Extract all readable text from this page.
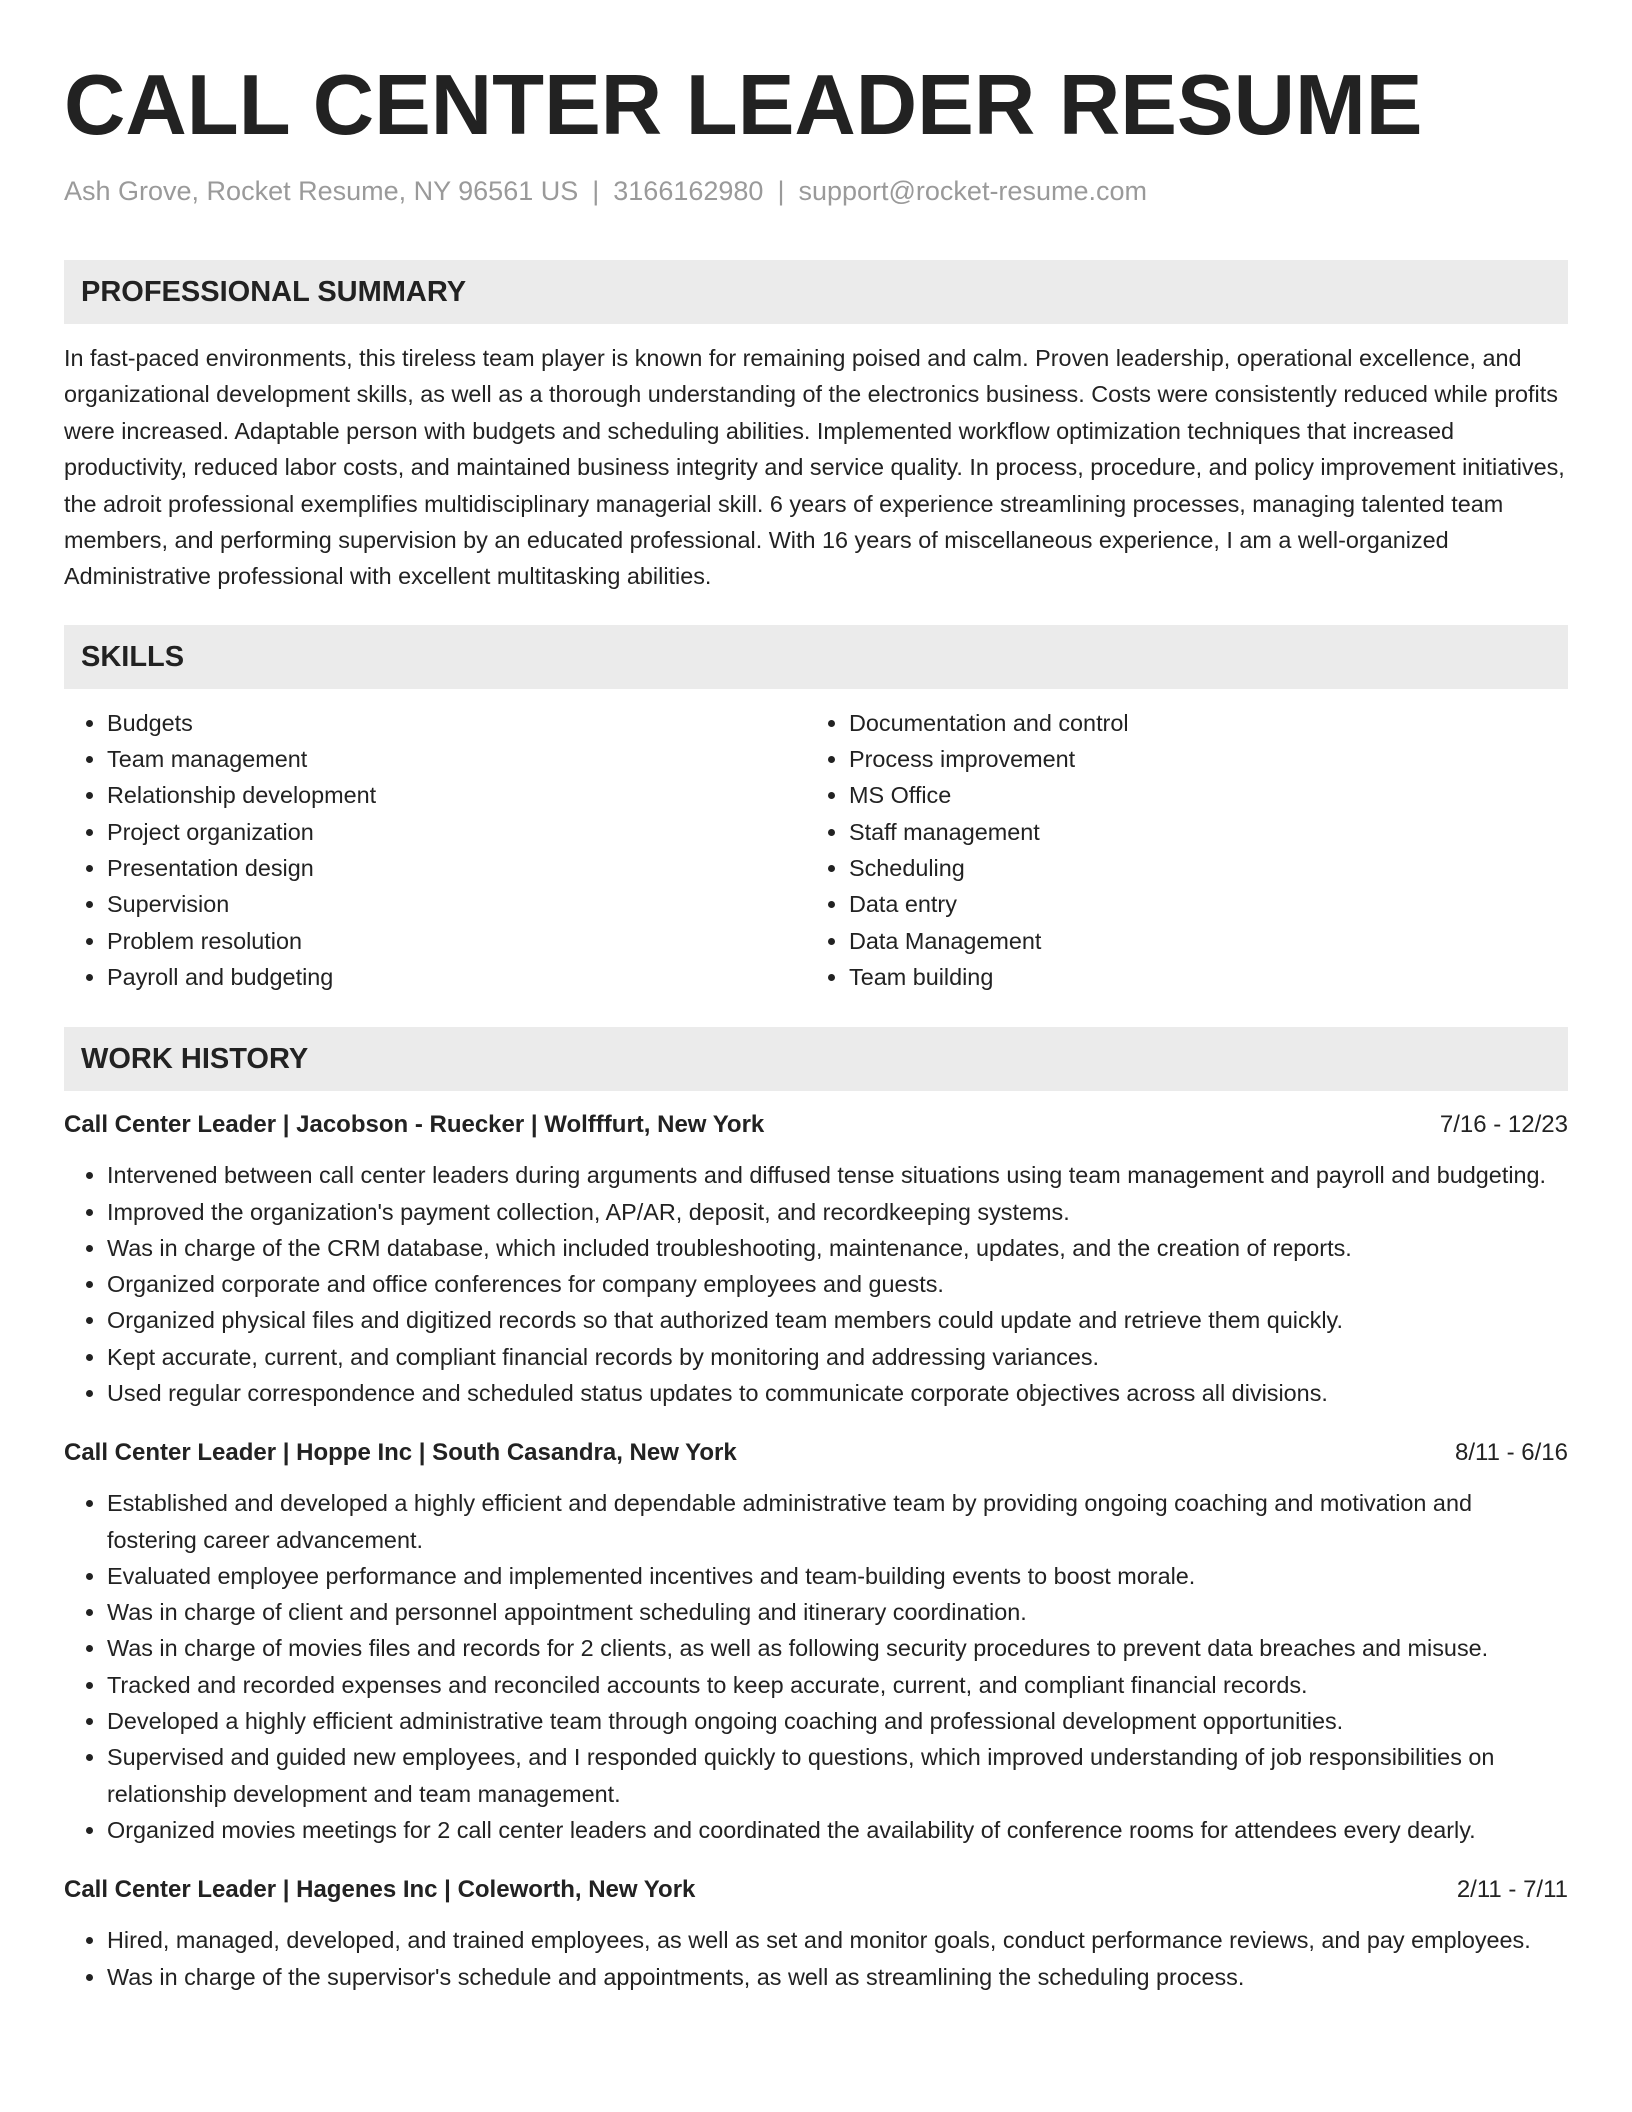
CALL CENTER LEADER RESUME
Ash Grove, Rocket Resume, NY 96561 US | 3166162980 | support@rocket-resume.com
PROFESSIONAL SUMMARY

In fast-paced environments, this tireless team player is known for remaining poised and calm. Proven leadership, operational excellence, and organizational development skills, as well as a thorough understanding of the electronics business. Costs were consistently reduced while profits were increased. Adaptable person with budgets and scheduling abilities. Implemented workflow optimization techniques that increased productivity, reduced labor costs, and maintained business integrity and service quality. In process, procedure, and policy improvement initiatives, the adroit professional exemplifies multidisciplinary managerial skill. 6 years of experience streamlining processes, managing talented team members, and performing supervision by an educated professional. With 16 years of miscellaneous experience, I am a well-organized Administrative professional with excellent multitasking abilities.

SKILLS
• Budgets
• Team management
• Relationship development
• Project organization
• Presentation design
• Supervision
• Problem resolution
• Payroll and budgeting
• Documentation and control
• Process improvement
• MS Office
• Staff management
• Scheduling
• Data entry
• Data Management
• Team building
WORK HISTORY
Call Center Leader | Jacobson - Ruecker | Wolfffurt, New York	7/16 - 12/23
• Intervened between call center leaders during arguments and diffused tense situations using team management and payroll and budgeting.
• Improved the organization's payment collection, AP/AR, deposit, and recordkeeping systems.
• Was in charge of the CRM database, which included troubleshooting, maintenance, updates, and the creation of reports.
• Organized corporate and office conferences for company employees and guests.
• Organized physical files and digitized records so that authorized team members could update and retrieve them quickly.
• Kept accurate, current, and compliant financial records by monitoring and addressing variances.
• Used regular correspondence and scheduled status updates to communicate corporate objectives across all divisions.
Call Center Leader | Hoppe Inc | South Casandra, New York	8/11 - 6/16
• Established and developed a highly efficient and dependable administrative team by providing ongoing coaching and motivation and fostering career advancement.
• Evaluated employee performance and implemented incentives and team-building events to boost morale.
• Was in charge of client and personnel appointment scheduling and itinerary coordination.
• Was in charge of movies files and records for 2 clients, as well as following security procedures to prevent data breaches and misuse.
• Tracked and recorded expenses and reconciled accounts to keep accurate, current, and compliant financial records.
• Developed a highly efficient administrative team through ongoing coaching and professional development opportunities.
• Supervised and guided new employees, and I responded quickly to questions, which improved understanding of job responsibilities on relationship development and team management.
• Organized movies meetings for 2 call center leaders and coordinated the availability of conference rooms for attendees every dearly.
Call Center Leader | Hagenes Inc | Coleworth, New York	2/11 - 7/11
• Hired, managed, developed, and trained employees, as well as set and monitor goals, conduct performance reviews, and pay employees.
• Was in charge of the supervisor's schedule and appointments, as well as streamlining the scheduling process.
